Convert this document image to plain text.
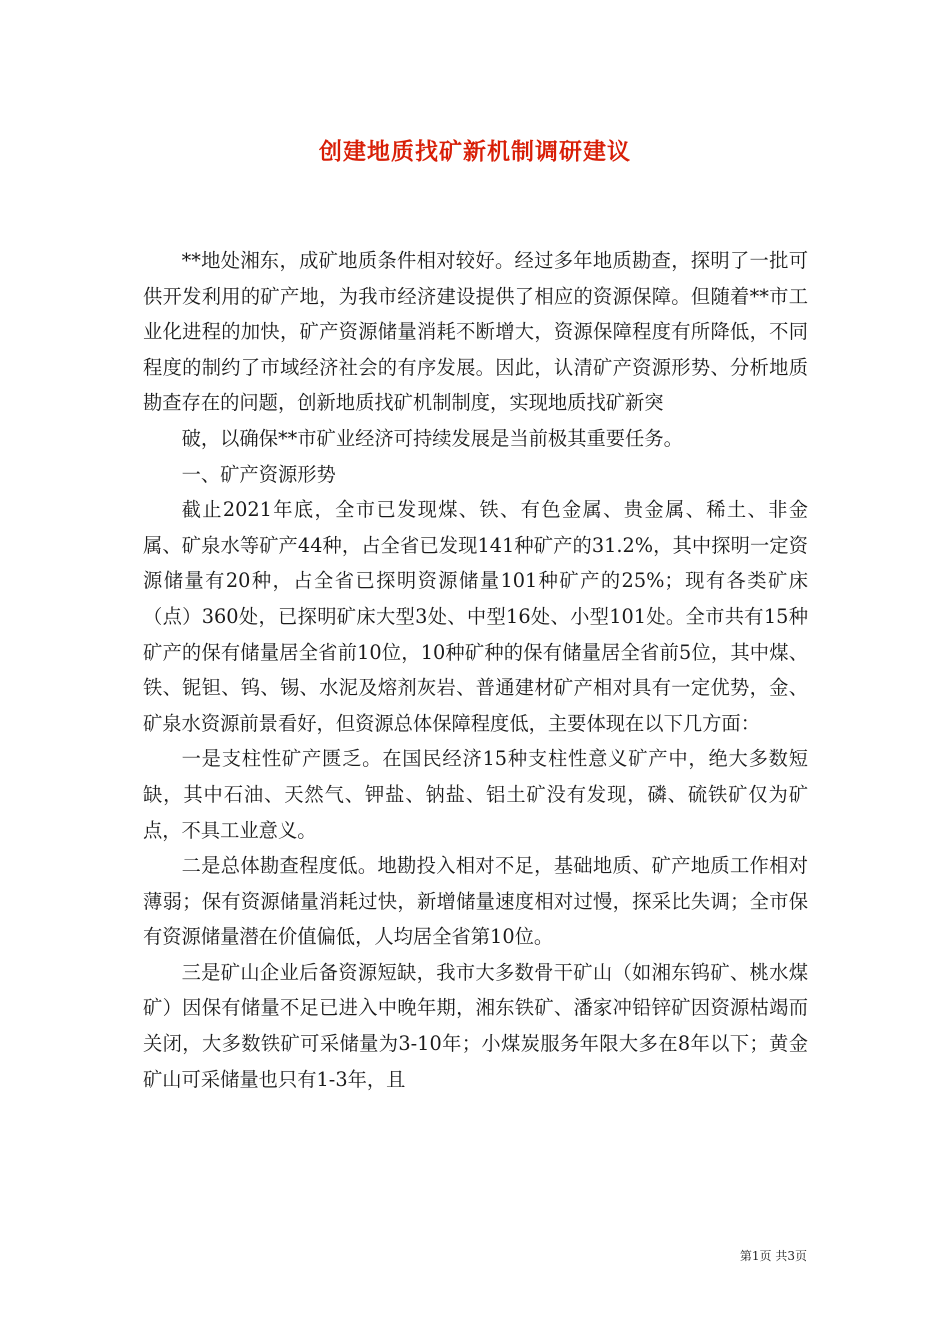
创建地质找矿新机制调研建议

**地处湘东，成矿地质条件相对较好。经过多年地质勘查，探明了一批可供开发利用的矿产地，为我市经济建设提供了相应的资源保障。但随着**市工业化进程的加快，矿产资源储量消耗不断增大，资源保障程度有所降低，不同程度的制约了市域经济社会的有序发展。因此，认清矿产资源形势、分析地质勘查存在的问题，创新地质找矿机制制度，实现地质找矿新突

破，以确保**市矿业经济可持续发展是当前极其重要任务。

一、矿产资源形势

截止2021年底，全市已发现煤、铁、有色金属、贵金属、稀土、非金属、矿泉水等矿产44种，占全省已发现141种矿产的31.2%，其中探明一定资源储量有20种，占全省已探明资源储量101种矿产的25%；现有各类矿床（点）360处，已探明矿床大型3处、中型16处、小型101处。全市共有15种矿产的保有储量居全省前10位，10种矿种的保有储量居全省前5位，其中煤、铁、铌钽、钨、锡、水泥及熔剂灰岩、普通建材矿产相对具有一定优势，金、矿泉水资源前景看好，但资源总体保障程度低，主要体现在以下几方面：

一是支柱性矿产匮乏。在国民经济15种支柱性意义矿产中，绝大多数短缺，其中石油、天然气、钾盐、钠盐、铝土矿没有发现，磷、硫铁矿仅为矿点，不具工业意义。

二是总体勘查程度低。地勘投入相对不足，基础地质、矿产地质工作相对薄弱；保有资源储量消耗过快，新增储量速度相对过慢，探采比失调；全市保有资源储量潜在价值偏低，人均居全省第10位。

三是矿山企业后备资源短缺，我市大多数骨干矿山（如湘东钨矿、桃水煤矿）因保有储量不足已进入中晚年期，湘东铁矿、潘家冲铅锌矿因资源枯竭而关闭，大多数铁矿可采储量为3-10年；小煤炭服务年限大多在8年以下；黄金矿山可采储量也只有1-3年，且

第1页 共3页
